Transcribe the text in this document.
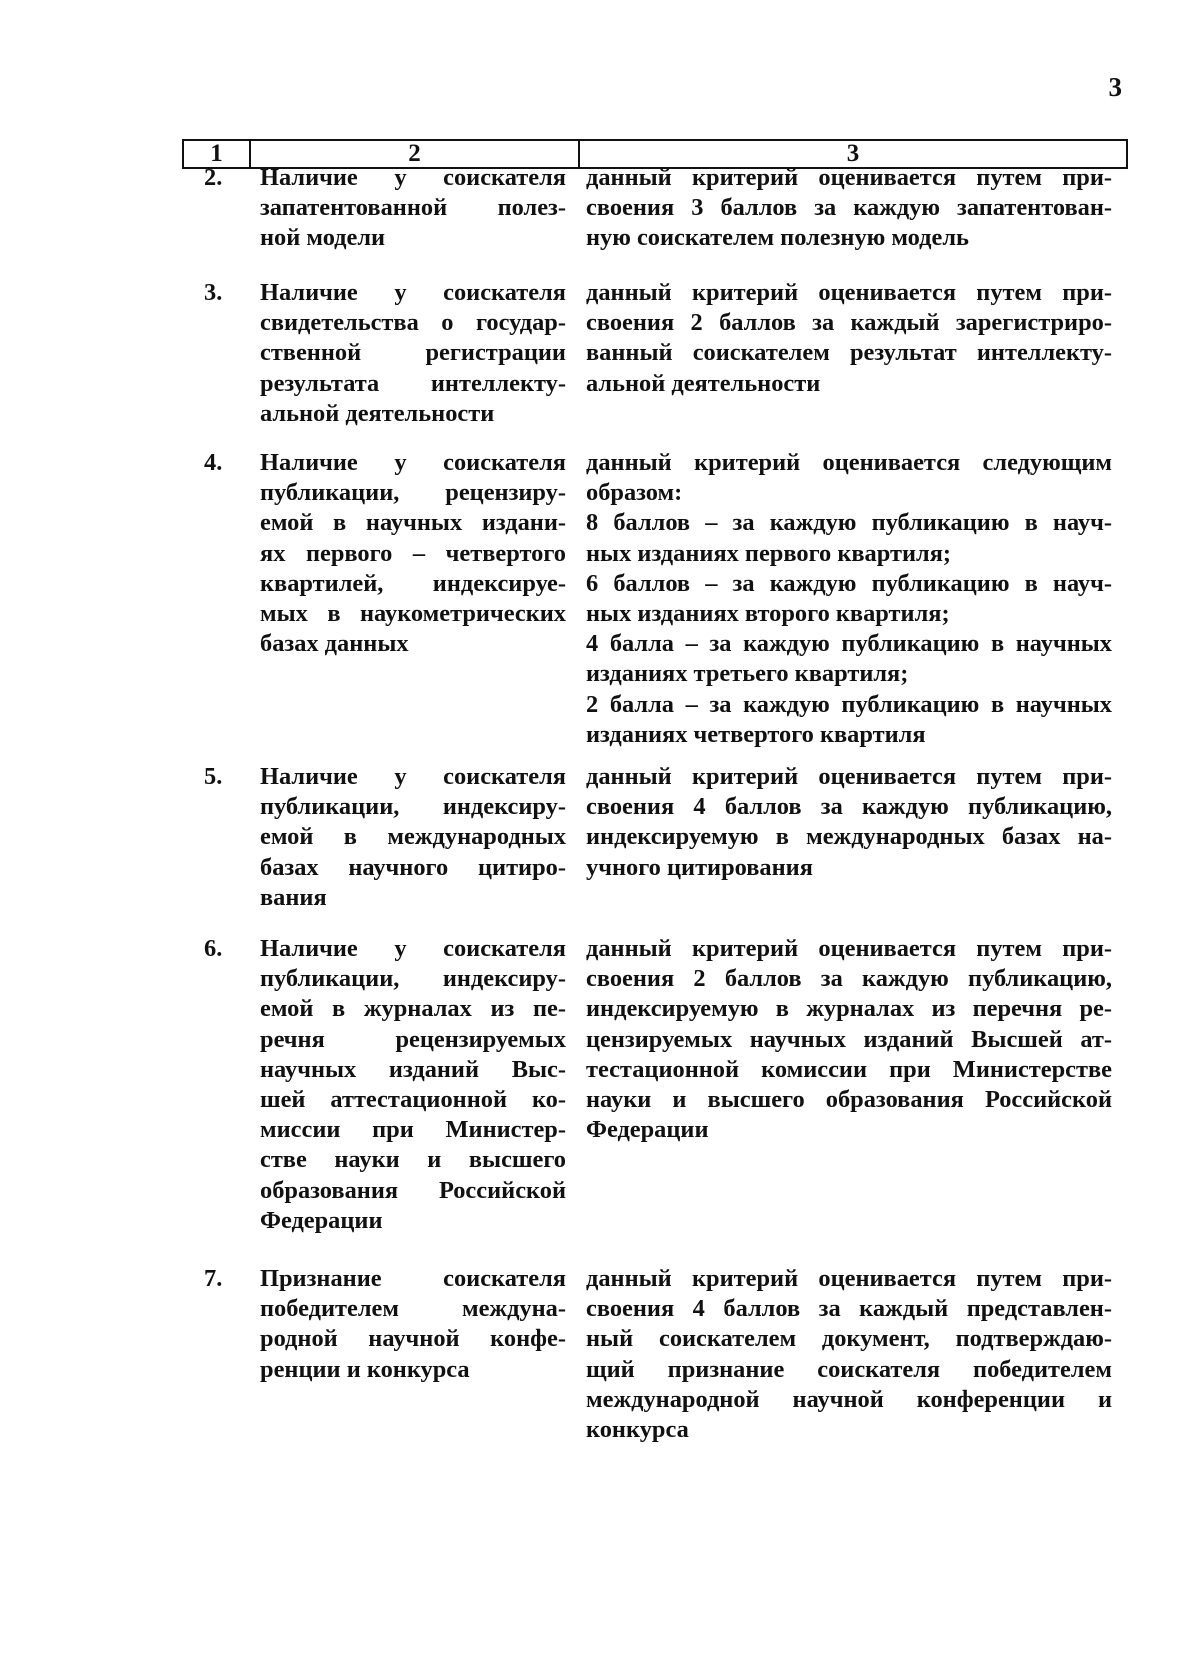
3
1	2	3
2. Наличие у соискателя
запатентованной полез-
ной модели
данный критерий оценивается путем при-
своения 3 баллов за каждую запатентован-
ную соискателем полезную модель
3. Наличие у соискателя
свидетельства о государ-
ственной регистрации
результата интеллекту-
альной деятельности
данный критерий оценивается путем при-
своения 2 баллов за каждый зарегистриро-
ванный соискателем результат интеллекту-
альной деятельности
4. Наличие у соискателя
публикации, рецензиру-
емой в научных издани-
ях первого – четвертого
квартилей, индексируе-
мых в наукометрических
базах данных
данный критерий оценивается следующим
образом:
8 баллов – за каждую публикацию в науч-
ных изданиях первого квартиля;
6 баллов – за каждую публикацию в науч-
ных изданиях второго квартиля;
4 балла – за каждую публикацию в научных
изданиях третьего квартиля;
2 балла – за каждую публикацию в научных
изданиях четвертого квартиля
5. Наличие у соискателя
публикации, индексиру-
емой в международных
базах научного цитиро-
вания
данный критерий оценивается путем при-
своения 4 баллов за каждую публикацию,
индексируемую в международных базах на-
учного цитирования
6. Наличие у соискателя
публикации, индексиру-
емой в журналах из пе-
речня рецензируемых
научных изданий Выс-
шей аттестационной ко-
миссии при Министер-
стве науки и высшего
образования Российской
Федерации
данный критерий оценивается путем при-
своения 2 баллов за каждую публикацию,
индексируемую в журналах из перечня ре-
цензируемых научных изданий Высшей ат-
тестационной комиссии при Министерстве
науки и высшего образования Российской
Федерации
7. Признание соискателя
победителем междуна-
родной научной конфе-
ренции и конкурса
данный критерий оценивается путем при-
своения 4 баллов за каждый представлен-
ный соискателем документ, подтверждаю-
щий признание соискателя победителем
международной научной конференции и
конкурса
